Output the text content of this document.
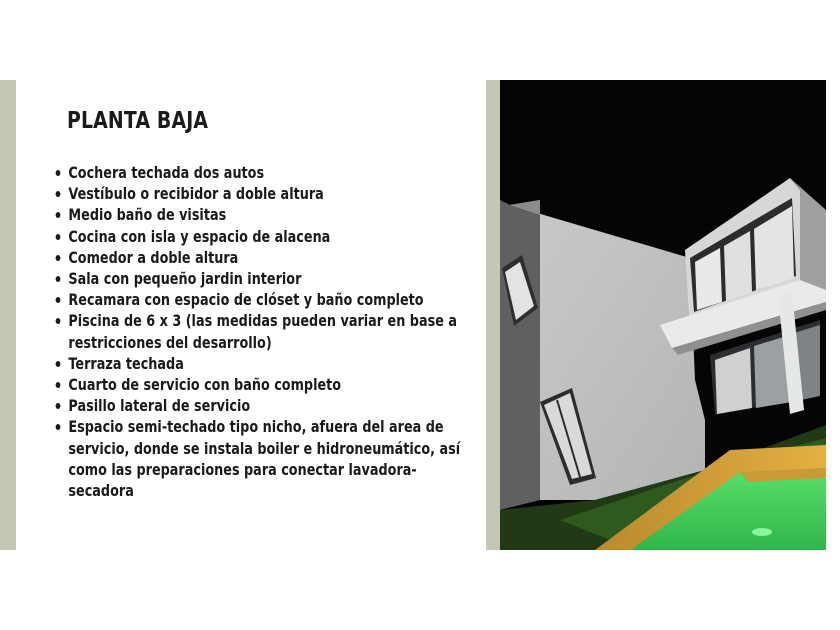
PLANTA BAJA
Cochera techada dos autos
Vestíbulo o recibidor a doble altura
Medio baño de visitas
Cocina con isla y espacio de alacena
Comedor a doble altura
Sala con pequeño jardin interior
Recamara con espacio de clóset y baño completo
Piscina de 6 x 3 (las medidas pueden variar en base a restricciones del desarrollo)
Terraza techada
Cuarto de servicio con baño completo
Pasillo lateral de servicio
Espacio semi-techado tipo nicho, afuera del area de servicio, donde se instala boiler e hidroneumático, así como las preparaciones para conectar lavadora-secadora
